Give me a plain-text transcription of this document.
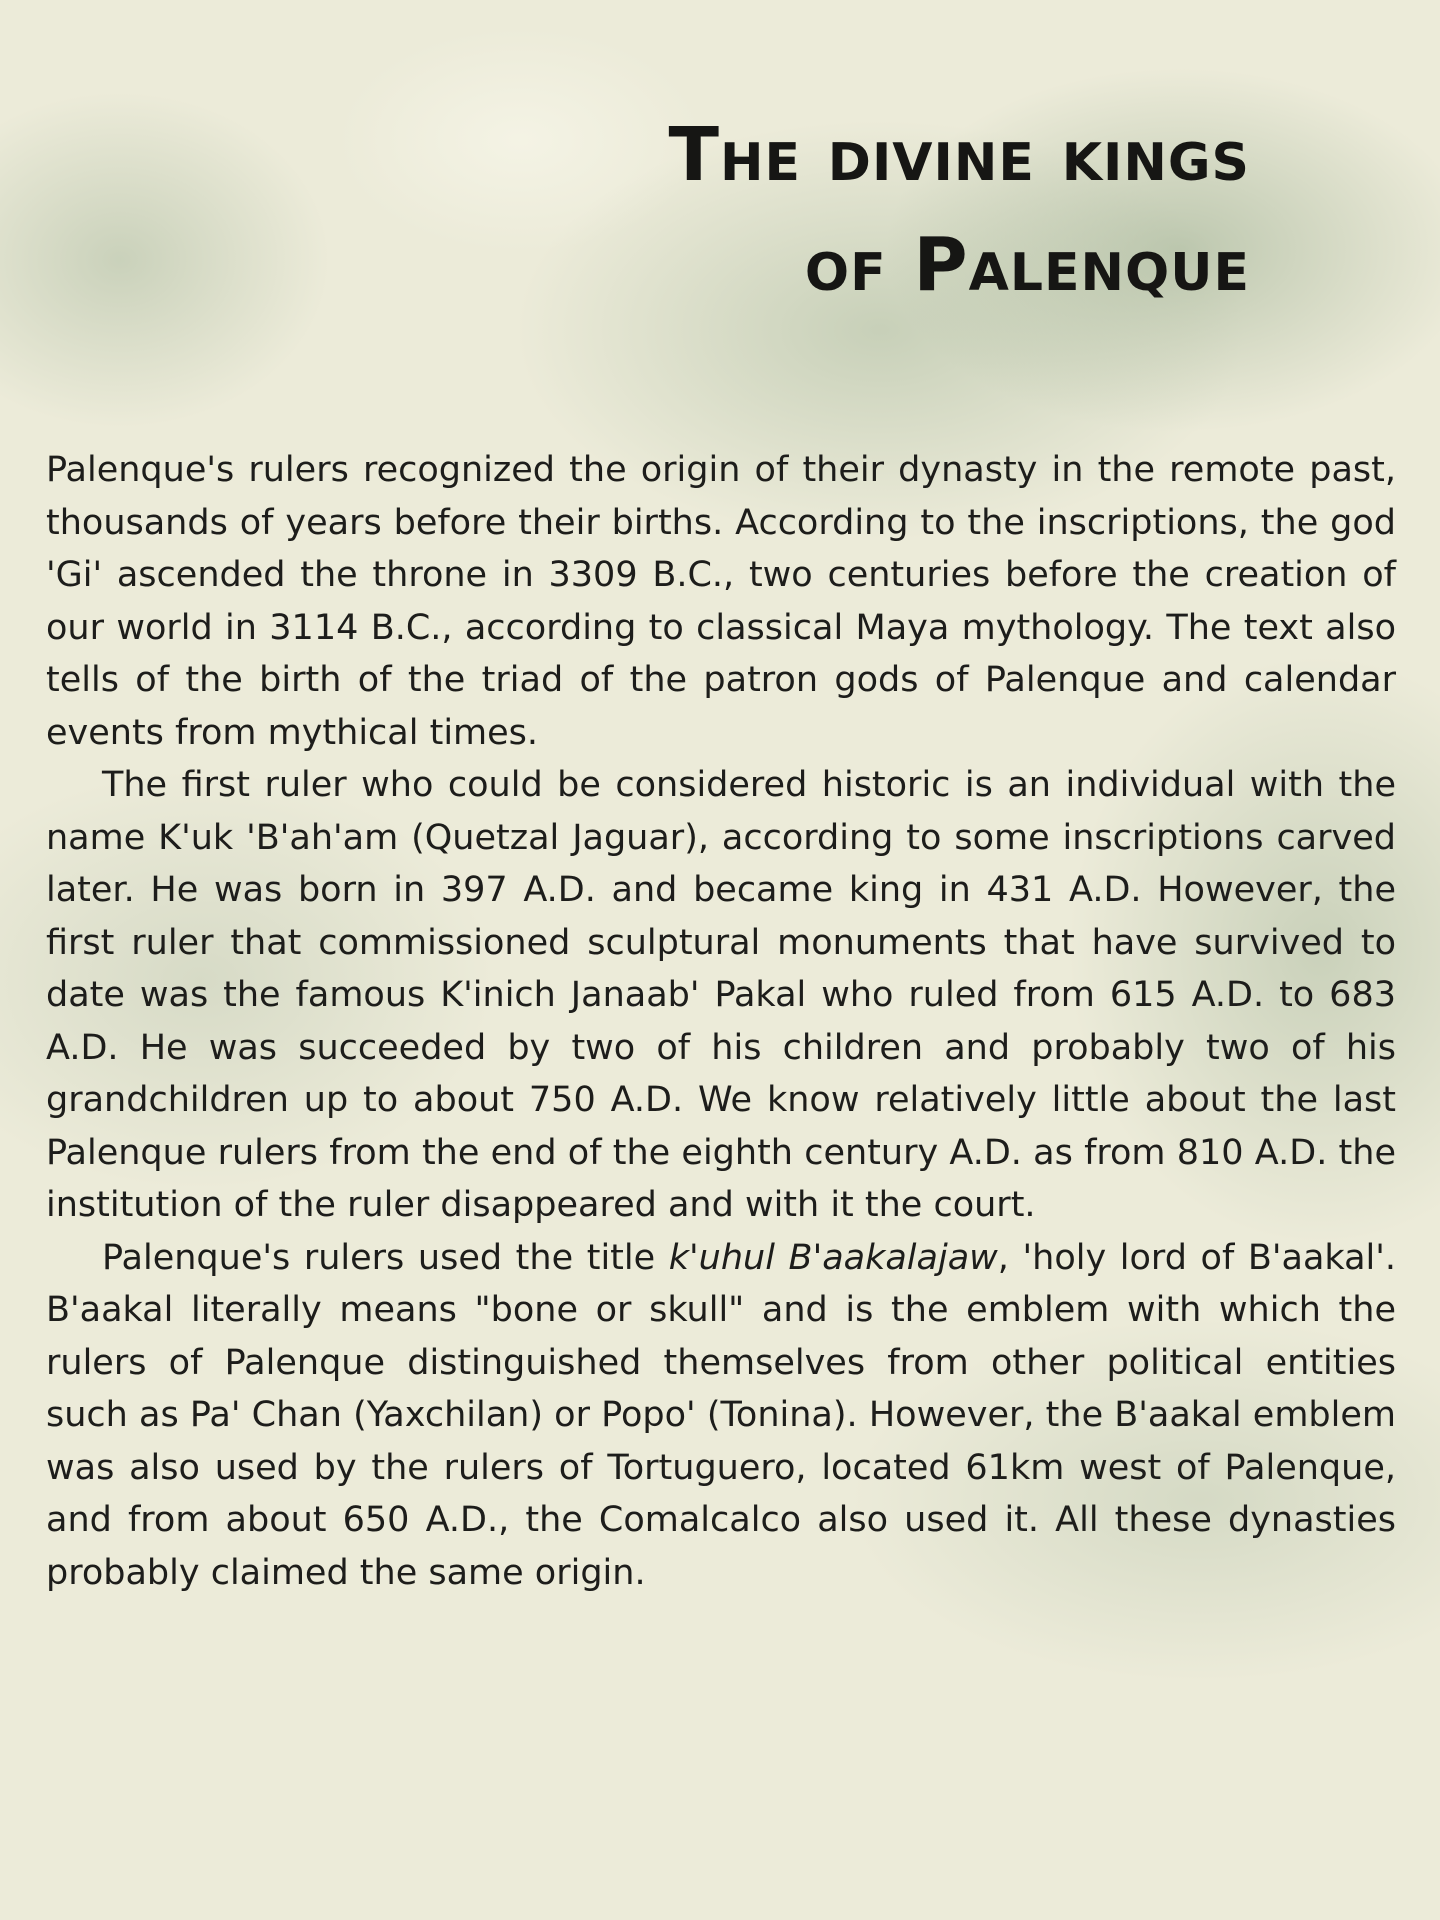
The divine kings
of Palenque

Palenque's rulers recognized the origin of their dynasty in the remote past, thousands of years before their births. According to the inscriptions, the god 'Gi' ascended the throne in 3309 B.C., two centuries before the creation of our world in 3114 B.C., according to classical Maya mythology. The text also tells of the birth of the triad of the patron gods of Palenque and calendar events from mythical times.

The first ruler who could be considered historic is an individual with the name K'uk 'B'ah'am (Quetzal Jaguar), according to some inscriptions carved later. He was born in 397 A.D. and became king in 431 A.D. However, the first ruler that commissioned sculptural monuments that have survived to date was the famous K'inich Janaab' Pakal who ruled from 615 A.D. to 683 A.D. He was succeeded by two of his children and probably two of his grandchildren up to about 750 A.D. We know relatively little about the last Palenque rulers from the end of the eighth century A.D. as from 810 A.D. the institution of the ruler disappeared and with it the court.

Palenque's rulers used the title k'uhul B'aakalajaw, 'holy lord of B'aakal'. B'aakal literally means "bone or skull" and is the emblem with which the rulers of Palenque distinguished themselves from other political entities such as Pa' Chan (Yaxchilan) or Popo' (Tonina). However, the B'aakal emblem was also used by the rulers of Tortuguero, located 61km west of Palenque, and from about 650 A.D., the Comalcalco also used it. All these dynasties probably claimed the same origin.
